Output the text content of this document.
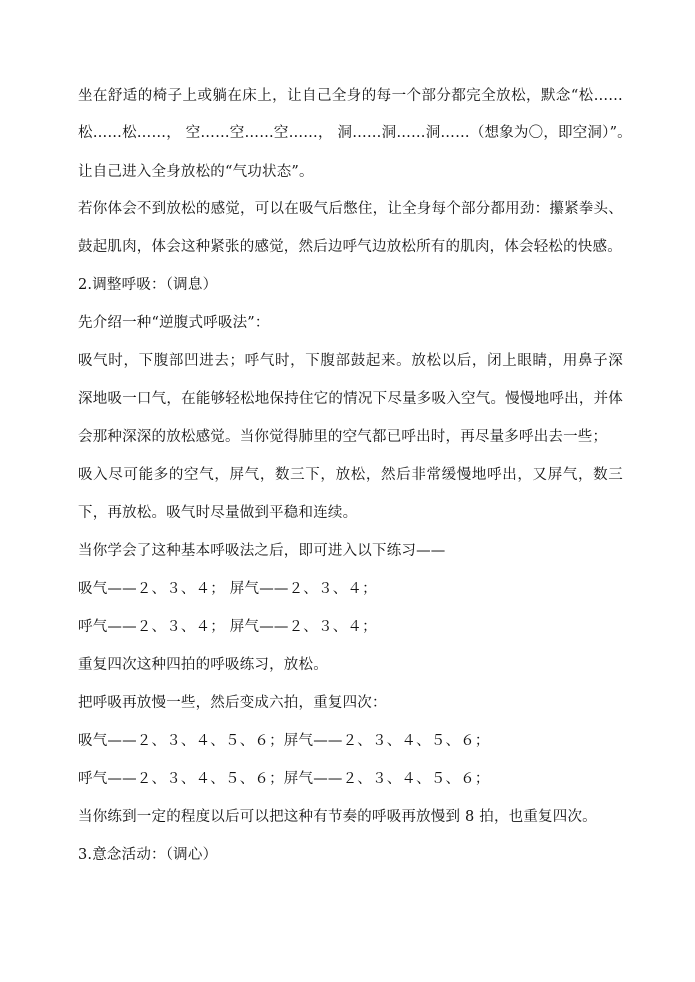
坐在舒适的椅子上或躺在床上，让自己全身的每一个部分都完全放松，默念“松……
松……松……， 空……空……空……， 洞……洞……洞……（想象为〇，即空洞）”。
让自己进入全身放松的“气功状态”。
若你体会不到放松的感觉，可以在吸气后憋住，让全身每个部分都用劲：攥紧拳头、
鼓起肌肉，体会这种紧张的感觉，然后边呼气边放松所有的肌肉，体会轻松的快感。
2.调整呼吸：（调息）
先介绍一种“逆腹式呼吸法”：
吸气时，下腹部凹进去；呼气时，下腹部鼓起来。放松以后，闭上眼睛，用鼻子深
深地吸一口气，在能够轻松地保持住它的情况下尽量多吸入空气。慢慢地呼出，并体
会那种深深的放松感觉。当你觉得肺里的空气都已呼出时，再尽量多呼出去一些；
吸入尽可能多的空气，屏气，数三下，放松，然后非常缓慢地呼出，又屏气，数三
下，再放松。吸气时尽量做到平稳和连续。
当你学会了这种基本呼吸法之后，即可进入以下练习——
吸气——２、３、４； 屏气——２、３、４；
呼气——２、３、４； 屏气——２、３、４；
重复四次这种四拍的呼吸练习，放松。
把呼吸再放慢一些，然后变成六拍，重复四次：
吸气——２、３、４、５、６；屏气——２、３、４、５、６；
呼气——２、３、４、５、６；屏气——２、３、４、５、６；
当你练到一定的程度以后可以把这种有节奏的呼吸再放慢到 8 拍，也重复四次。
3.意念活动：（调心）
